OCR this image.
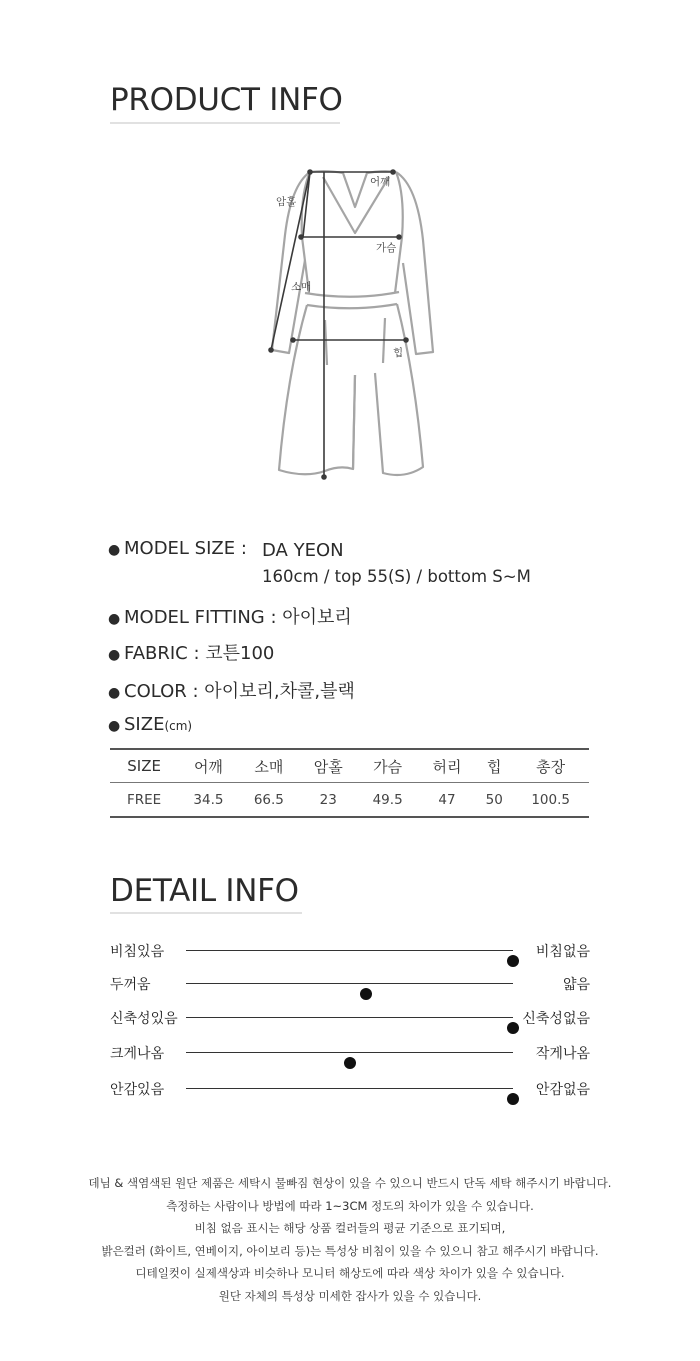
PRODUCT INFO
어깨
암홀
가슴
소매
힙
● MODEL SIZE : DA YEON
160cm / top 55(S) / bottom S~M
● MODEL FITTING : 아이보리
● FABRIC : 코튼100
● COLOR : 아이보리,차콜,블랙
● SIZE(cm)
SIZE	어깨	소매	암홀	가슴	허리	힙	총장
FREE	34.5	66.5	23	49.5	47	50	100.5
DETAIL INFO
비침있음	비침없음
두꺼움	얇음
신축성있음	신축성없음
크게나옴	작게나옴
안감있음	안감없음
데님 & 색염색된 원단 제품은 세탁시 물빠짐 현상이 있을 수 있으니 반드시 단독 세탁 해주시기 바랍니다.
측정하는 사람이나 방법에 따라 1~3CM 정도의 차이가 있을 수 있습니다.
비침 없음 표시는 해당 상품 컬러들의 평균 기준으로 표기되며,
밝은컬러 (화이트, 연베이지, 아이보리 등)는 특성상 비침이 있을 수 있으니 참고 해주시기 바랍니다.
디테일컷이 실제색상과 비슷하나 모니터 해상도에 따라 색상 차이가 있을 수 있습니다.
원단 자체의 특성상 미세한 잡사가 있을 수 있습니다.
